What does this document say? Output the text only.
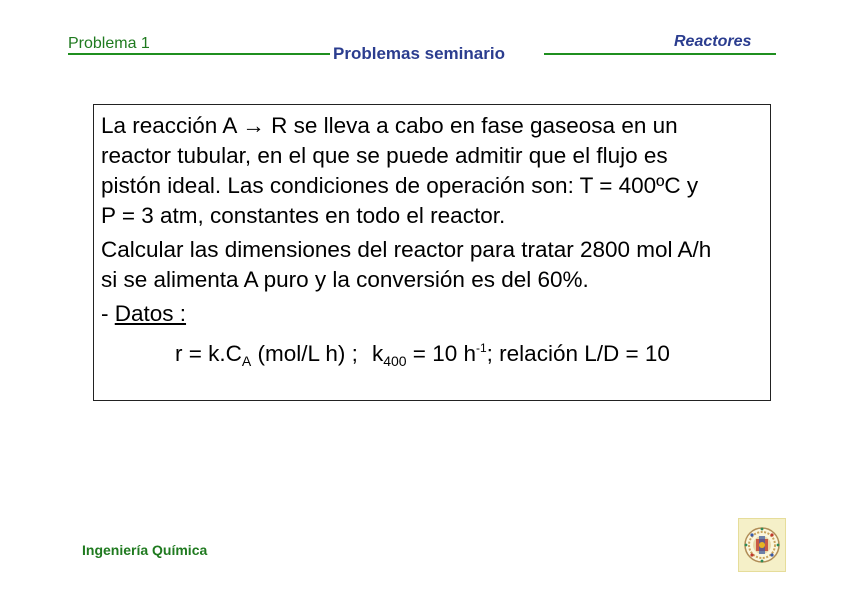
Problema 1
Problemas seminario
Reactores

La reacción A → R se lleva a cabo en fase gaseosa en un
reactor tubular, en el que se puede admitir que el flujo es
pistón ideal. Las condiciones de operación son: T = 400ºC y
P = 3 atm, constantes en todo el reactor.

Calcular las dimensiones del reactor para tratar 2800 mol A/h
si se alimenta A puro y la conversión es del 60%.

- Datos :

$r = k.C_A$ (mol/L h) ; $k_{400} = 10$ $h^{-1}$; relación L/D = 10
Ingeniería Química
